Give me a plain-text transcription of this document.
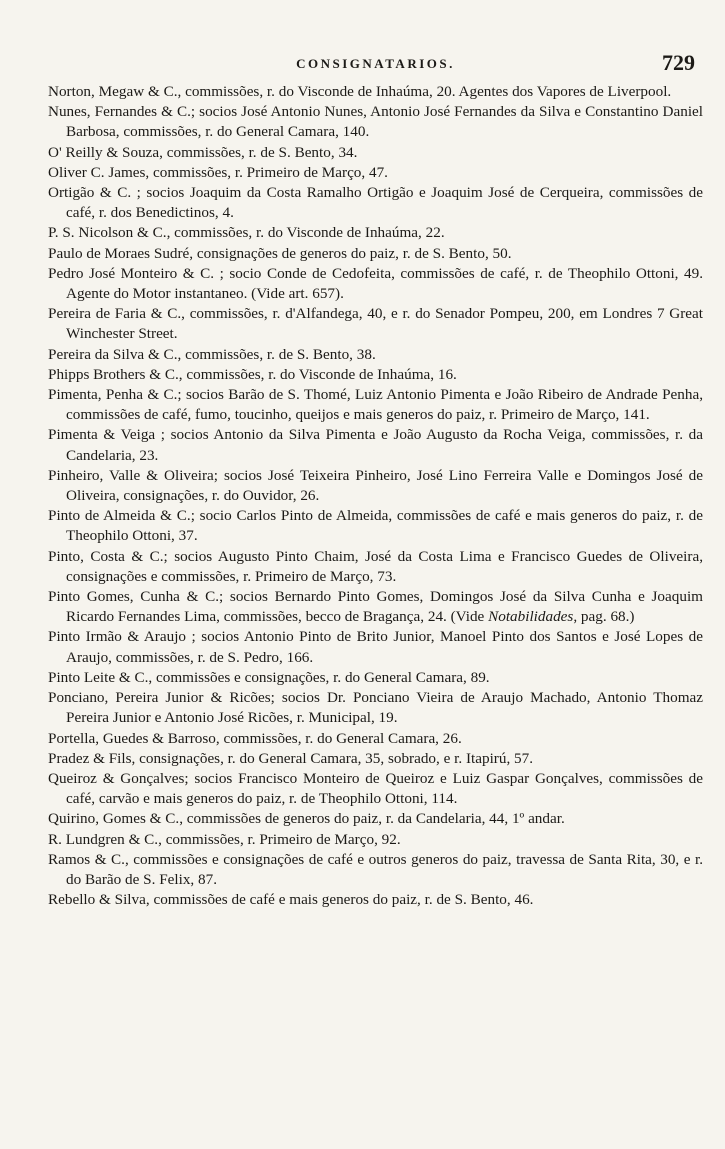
CONSIGNATARIOS.	729

Norton, Megaw & C., commissões, r. do Visconde de Inhaúma, 20. Agentes dos Vapores de Liverpool.

Nunes, Fernandes & C.; socios José Antonio Nunes, Antonio José Fernandes da Silva e Constantino Daniel Barbosa, commissões, r. do General Camara, 140.

O' Reilly & Souza, commissões, r. de S. Bento, 34.

Oliver C. James, commissões, r. Primeiro de Março, 47.

Ortigão & C. ; socios Joaquim da Costa Ramalho Ortigão e Joaquim José de Cerqueira, commissões de café, r. dos Benedictinos, 4.

P. S. Nicolson & C., commissões, r. do Visconde de Inhaúma, 22.

Paulo de Moraes Sudré, consignações de generos do paiz, r. de S. Bento, 50.

Pedro José Monteiro & C. ; socio Conde de Cedofeita, commissões de café, r. de Theophilo Ottoni, 49. Agente do Motor instantaneo. (Vide art. 657).

Pereira de Faria & C., commissões, r. d'Alfandega, 40, e r. do Senador Pompeu, 200, em Londres 7 Great Winchester Street.

Pereira da Silva & C., commissões, r. de S. Bento, 38.

Phipps Brothers & C., commissões, r. do Visconde de Inhaúma, 16.

Pimenta, Penha & C.; socios Barão de S. Thomé, Luiz Antonio Pimenta e João Ribeiro de Andrade Penha, commissões de café, fumo, toucinho, queijos e mais generos do paiz, r. Primeiro de Março, 141.

Pimenta & Veiga ; socios Antonio da Silva Pimenta e João Augusto da Rocha Veiga, commissões, r. da Candelaria, 23.

Pinheiro, Valle & Oliveira; socios José Teixeira Pinheiro, José Lino Ferreira Valle e Domingos José de Oliveira, consignações, r. do Ouvidor, 26.

Pinto de Almeida & C.; socio Carlos Pinto de Almeida, commissões de café e mais generos do paiz, r. de Theophilo Ottoni, 37.

Pinto, Costa & C.; socios Augusto Pinto Chaim, José da Costa Lima e Francisco Guedes de Oliveira, consignações e commissões, r. Primeiro de Março, 73.

Pinto Gomes, Cunha & C.; socios Bernardo Pinto Gomes, Domingos José da Silva Cunha e Joaquim Ricardo Fernandes Lima, commissões, becco de Bragança, 24. (Vide Notabilidades, pag. 68.)

Pinto Irmão & Araujo ; socios Antonio Pinto de Brito Junior, Manoel Pinto dos Santos e José Lopes de Araujo, commissões, r. de S. Pedro, 166.

Pinto Leite & C., commissões e consignações, r. do General Camara, 89.

Ponciano, Pereira Junior & Ricões; socios Dr. Ponciano Vieira de Araujo Machado, Antonio Thomaz Pereira Junior e Antonio José Ricões, r. Municipal, 19.

Portella, Guedes & Barroso, commissões, r. do General Camara, 26.

Pradez & Fils, consignações, r. do General Camara, 35, sobrado, e r. Itapirú, 57.

Queiroz & Gonçalves; socios Francisco Monteiro de Queiroz e Luiz Gaspar Gonçalves, commissões de café, carvão e mais generos do paiz, r. de Theophilo Ottoni, 114.

Quirino, Gomes & C., commissões de generos do paiz, r. da Candelaria, 44, 1º andar.

R. Lundgren & C., commissões, r. Primeiro de Março, 92.

Ramos & C., commissões e consignações de café e outros generos do paiz, travessa de Santa Rita, 30, e r. do Barão de S. Felix, 87.

Rebello & Silva, commissões de café e mais generos do paiz, r. de S. Bento, 46.
